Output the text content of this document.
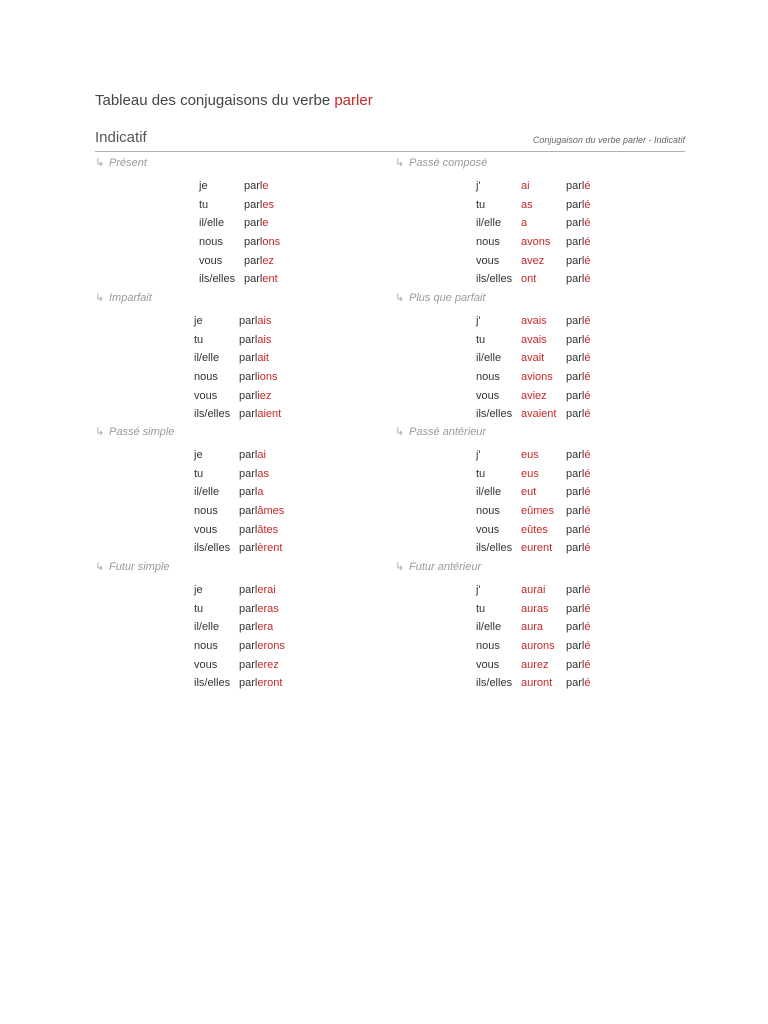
Tableau des conjugaisons du verbe parler
Indicatif	Conjugaison du verbe parler - Indicatif
↳ Présent
je	parle
tu	parles
il/elle parle
nous parlons
vous parlez
ils/elles parlent
↳ Imparfait
je	parlais
tu	parlais
il/elle parlait
nous parlions
vous parliez
ils/elles parlaient
↳ Passé simple
je	parlai
tu	parlas
il/elle parla
nous parlâmes
vous parlâtes
ils/elles parlèrent
↳ Futur simple
je	parlerai
tu	parleras
il/elle parlera
nous parlerons
vous parlerez
ils/elles parleront
↳ Passé composé
j'	ai	parlé
tu	as	parlé
il/elle a	parlé
nous avons parlé
vous avez parlé
ils/elles ont	parlé
↳ Plus que parfait
j'	avais parlé
tu	avais parlé
il/elle avait parlé
nous avions parlé
vous aviez parlé
ils/elles avaient parlé
↳ Passé antérieur
j'	eus parlé
tu	eus parlé
il/elle eut	parlé
nous eûmes parlé
vous eûtes parlé
ils/elles eurent parlé
↳ Futur antérieur
j'	aurai parlé
tu	auras parlé
il/elle aura parlé
nous aurons parlé
vous aurez parlé
ils/elles auront parlé
